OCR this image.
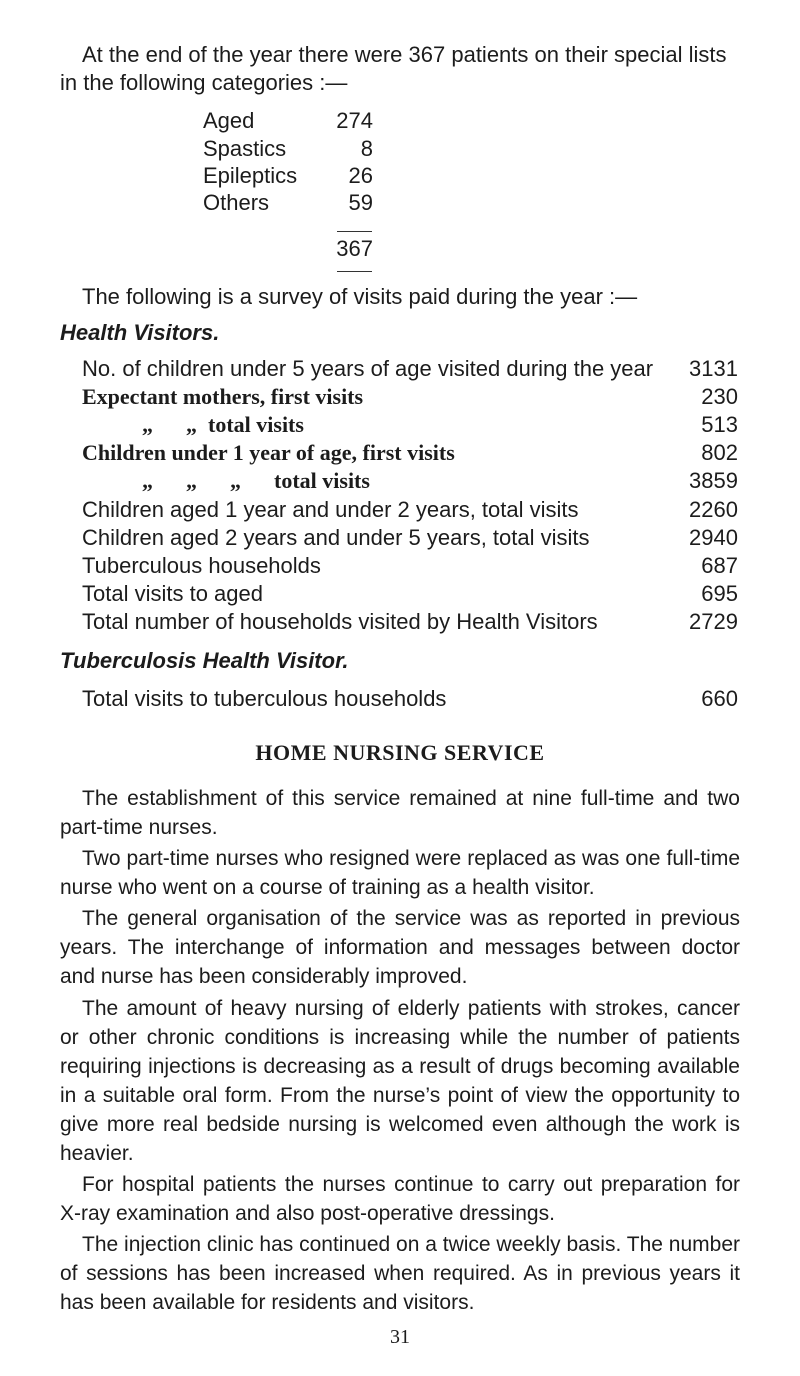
At the end of the year there were 367 patients on their special lists
in the following categories :—
Aged	274
Spastics	8
Epileptics 26
Others	59
367
The following is a survey of visits paid during the year :—
Health Visitors.
No. of children under 5 years of age visited during the year 3131
Expectant mothers, first visits	230
„      „  total visits	513
Children under 1 year of age, first visits	802
„      „      „      total visits	3859
Children aged 1 year and under 2 years, total visits	2260
Children aged 2 years and under 5 years, total visits	2940
Tuberculous households	687
Total visits to aged	695
Total number of households visited by Health Visitors	2729
Tuberculosis Health Visitor.
Total visits to tuberculous households	660
HOME NURSING SERVICE
The establishment of this service remained at nine full-time and two part-time nurses.
Two part-time nurses who resigned were replaced as was one full-time nurse who went on a course of training as a health visitor.
The general organisation of the service was as reported in previous years. The interchange of information and messages between doctor and nurse has been considerably improved.
The amount of heavy nursing of elderly patients with strokes, cancer or other chronic conditions is increasing while the number of patients requiring injections is decreasing as a result of drugs becoming available in a suitable oral form. From the nurse’s point of view the opportunity to give more real bedside nursing is welcomed even although the work is heavier.
For hospital patients the nurses continue to carry out preparation for X-ray examination and also post-operative dressings.
The injection clinic has continued on a twice weekly basis. The number of sessions has been increased when required. As in previous years it has been available for residents and visitors.
31
